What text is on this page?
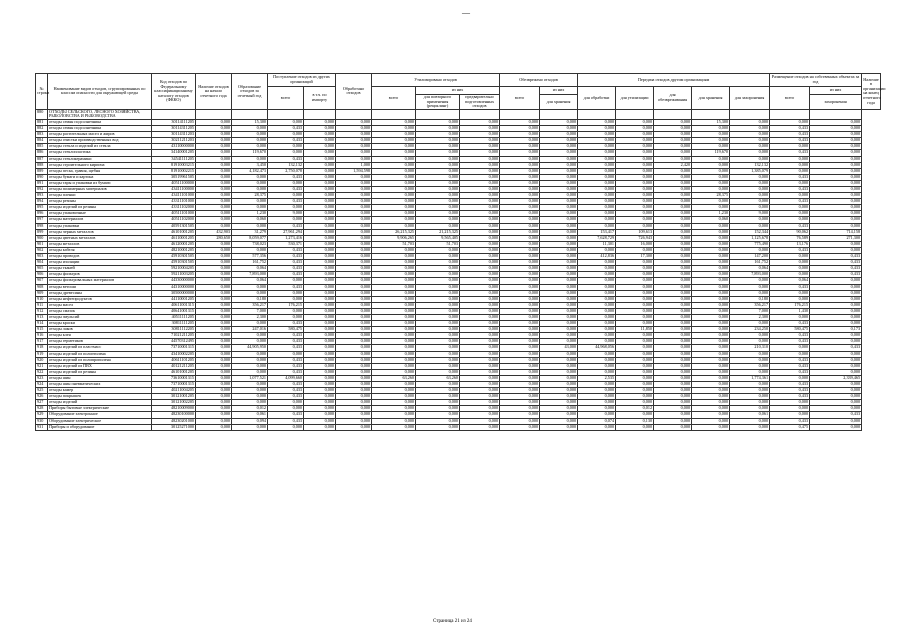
—
№ строки	Наименование видов отходов, сгруппированных по классам опасности для окружающей среды	Код отходов по Федеральному классификационному каталогу отходов (ФККО)	Наличие отходов на начало отчетного года	Образование отходов за отчетный год	Поступление отходов из других организаций		Обработано отходов	Утилизировано отходов			Обезврежено отходов		Передача отходов другим организациям					Размещение отходов на собственных объектах за год		Наличие в организации на конец отчетного года
					всего	в т.ч. по импорту		всего	из них		всего	из них	для обработки	для утилизации	для обезвреживания	для хранения	для захоронения	всего	из них	
									для повторного применения (рециклинг)	предварительно подготовленных отходов		для хранения							захоронения	
880	ОТХОДЫ СЕЛЬСКОГО, ЛЕСНОГО ХОЗЯЙСТВА, РЫБОЛОВСТВА И РЫБОВОДСТВА																			
881	отходы семян подсолнечника	30114111205	0,000	15,300	0,000	0,000	0,000	0,000	0,000	0,000	0,000	0,000	0,000	0,000	0,000	15,300	0,000	0,000	0,000	
882	отходы семян подсолнечника	30114311205	0,000	0,000	0,433	0,000	0,000	0,000	0,000	0,000	0,000	0,000	0,000	0,000	0,000	0,000	0,000	0,433	0,000	
883	отходы растительных масел и жиров	30114311203	0,000	0,000	0,000	0,000	0,000	0,000	0,000	0,000	0,000	0,000	0,000	0,000	0,000	0,000	0,000	0,433	0,000	
884	отходы очистки производственных вод	30211211203	0,000	0,000	0,433	0,000	0,000	0,000	0,000	0,000	0,000	0,000	0,000	0,000	0,000	0,000	0,000	0,433	0,000	
885	отходы стекла и изделий из стекла	43110000000	0,000	0,000	0,000	0,000	0,000	0,000	0,000	0,000	0,000	0,000	0,000	0,000	0,000	0,000	0,000	0,000	0,000	
886	отходы стеклопластика	34140001205	0,000	119,670	0,000	0,000	0,000	0,000	0,000	0,000	0,000	0,000	0,000	0,000	0,000	119,670	0,000	0,433	0,000	
887	отходы стеклокерамики	34541111205	0,000	0,000	0,433	0,000	0,000	0,000	0,000	0,000	0,000	0,000	0,000	0,000	0,000	0,000	0,000	0,000	0,000	
888	отходы строительного кирпича	81910003215	0,000	3,450	132,132	0,000	1,000	0,000	0,000	0,000	0,000	0,000	0,000	0,000	2,420	0,000	132,132	0,000	0,000	
889	отходы песка, гравия, щебня	81910002215	0,000	4,182,473	2,750,078	0,000	1,594,598	0,000	0,000	0,000	0,000	0,000	0,000	0,000	0,000	0,000	1,385,079	0,000	0,000	
890	отходы бумаги и картона	30519961505	0,000	0,000	0,433	0,000	0,000	0,000	0,000	0,000	0,000	0,000	0,000	0,000	0,000	0,000	0,000	0,433	0,000	
891	отходы тары и упаковки из бумаги	40511100000	0,000	0,000	0,000	0,000	0,000	0,000	0,000	0,000	0,000	0,000	0,000	0,000	0,000	0,000	0,000	0,000	0,000	
892	отходы полимерных материалов	43411100000	0,000	0,000	0,433	0,000	0,000	0,000	0,000	0,000	0,000	0,000	0,000	0,000	0,000	0,000	0,000	0,433	0,000	
893	отходы пленки	43411101000	0,000	28,375	0,000	0,000	0,000	0,000	0,000	0,000	0,000	0,000	0,000	0,000	0,000	28,375	0,000	0,000	0,000	
894	отходы резины	43311101000	0,000	0,000	0,433	0,000	0,000	0,000	0,000	0,000	0,000	0,000	0,000	0,000	0,000	0,000	0,000	0,433	0,000	
895	отходы изделий из резины	43311102000	0,000	0,000	0,000	0,000	0,000	0,000	0,000	0,000	0,000	0,000	0,000	0,000	0,000	0,000	0,000	0,000	0,000	
896	отходы упаковочные	40511101000	0,000	1,230	9,000	0,000	0,000	0,000	0,000	0,000	0,000	0,000	0,000	0,000	0,000	1,230	9,000	0,000	0,000	
897	отходы материалов	40511102000	0,000	0,060	0,000	0,000	0,000	0,000	0,000	0,000	0,000	0,000	0,000	0,000	0,000	0,060	0,000	0,000	0,000	
898	отходы упаковки	40591301505	0,000	0,000	0,433	0,000	0,000	0,000	0,000	0,000	0,000	0,000	0,000	0,000	0,000	0,000	0,000	0,433	0,000	
899	отходы черных металлов	46101001205	432,903	31,279	27,961,294	0,000	0,000	26,215,325	21,215,325	0,000	0,000	0,000	153,417	109,613	0,000	0,000	152,344	90,062	714,158	
900	отходы цветных металлов	46110001205	280,650	8,059,077	1,273,416	0,000	0,000	9,906,265	9,565,405	0,000	0,000	0,000	7,628,729	726,943	0,000	0,000	1,125,678	76,589	271,300	
901	отходы металлов	46120001205	0,000	738,023	530,371	0,000	0,000	51,703	51,703	0,000	0,000	0,000	11,301	16,000	0,000	0,000	775,490	13,176	0,000	
902	отходы кабеля	48210001205	0,000	0,000	0,433	0,000	0,000	0,000	0,000	0,000	0,000	0,000	0,000	0,000	0,000	0,000	0,000	0,433	0,000	
903	отходы проводов	45910301505	0,000	577,356	0,433	0,000	0,000	0,000	0,000	0,000	0,000	0,000	412,836	17,300	0,000	0,000	147,200	0,000	0,433	
904	отходы изоляции	45910301505	0,000	161,752	0,433	0,000	0,000	0,000	0,000	0,000	0,000	0,000	0,000	0,000	0,000	0,000	161,752	0,000	0,433	
905	отходы тканей	59210004205	0,000	0,064	0,433	0,000	0,000	0,000	0,000	0,000	0,000	0,000	0,000	0,000	0,000	0,000	0,064	0,000	0,433	
906	отходы фильтров	59211003205	0,000	7,893,000	0,433	0,000	0,000	0,000	0,000	0,000	0,000	0,000	0,000	0,000	0,000	0,000	7,893,000	0,000	0,433	
907	отходы фильтровальных материалов	44330000000	0,000	0,064	0,000	0,000	0,000	0,000	0,000	0,000	0,000	0,000	0,000	0,000	0,000	0,000	0,000	0,064	0,000	
908	отходы ветоши	44310000000	0,000	0,000	0,433	0,000	0,000	0,000	0,000	0,000	0,000	0,000	0,000	0,000	0,000	0,000	0,000	0,433	0,000	
909	отходы древесины	30500000000	0,000	0,000	0,000	0,000	0,000	0,000	0,000	0,000	0,000	0,000	0,000	0,000	0,000	0,000	0,000	0,000	0,000	
910	отходы нефтепродуктов	44110001205	0,000	0,180	0,000	0,000	0,000	0,000	0,000	0,000	0,000	0,000	0,000	0,000	0,000	0,000	0,180	0,000	0,000	
911	отходы масел	40611001315	0,000	356,217	176,215	0,000	0,000	0,000	0,000	0,000	0,000	0,000	0,000	0,000	0,000	0,000	356,217	176,215	0,000	
912	отходы смазок	40641001315	0,000	7,000	0,000	0,000	0,000	0,000	0,000	0,000	0,000	0,000	0,000	0,000	0,000	0,000	7,000	1,430	0,000	
913	отходы эмульсий	40511111205	0,000	2,300	0,000	0,000	0,000	0,000	0,000	0,000	0,000	0,000	0,000	0,000	0,000	0,000	2,300	0,000	0,000	
914	отходы краски	30811111205	0,000	0,000	0,433	0,000	0,000	0,000	0,000	0,000	0,000	0,000	0,000	0,000	0,000	0,000	0,000	0,433	0,000	
915	отходы лаков	30811112205	0,000	247,016	580,475	0,000	0,000	0,000	0,000	0,000	0,000	0,000	0,000	11,850	0,000	0,000	234,250	580,475	0,173	
916	отходы клея	71021211205	0,000	0,000	0,433	0,000	0,000	0,000	0,000	0,000	0,000	0,000	0,000	0,000	0,000	0,000	0,000	0,433	0,000	
917	отходы герметиков	44570312495	0,000	0,000	0,433	0,000	0,000	0,000	0,000	0,000	0,000	0,000	0,000	0,000	0,000	0,000	0,000	0,433	0,000	
918	отходы изделий из пластмасс	73710001315	0,000	44,905,950	0,433	0,000	0,000	0,000	0,000	0,000	0,000	43,000	44,968,056	0,000	0,000	0,000	210,310	0,000	0,433	
919	отходы изделий из полиэтилена	43410002205	0,000	0,000	0,000	0,000	0,000	0,000	0,000	0,000	0,000	0,000	0,000	0,000	0,000	0,000	0,000	0,000	0,000	
920	отходы изделий из полипропилена	40611101205	0,000	0,000	0,433	0,000	0,000	0,000	0,000	0,000	0,000	0,000	0,000	0,000	0,000	0,000	0,000	0,433	0,000	
921	отходы изделий из ПВХ	40121211205	0,000	0,000	0,433	0,000	0,000	0,000	0,000	0,000	0,000	0,000	0,000	0,000	0,000	0,000	0,000	0,433	0,000	
922	отходы изделий из резины	46101001205	0,000	0,000	0,433	0,000	0,000	0,000	0,000	0,000	0,000	0,000	0,000	0,000	0,000	0,000	0,000	0,433	0,000	
923	отходы шин	73610001315	0,000	1,077,521	4,099,660	0,000	0,000	63,260	63,260	0,000	0,000	0,000	2,535	0,000	0,000	0,000	1,774,361	0,000	2,339,465	
924	отходы шин пневматических	73710001315	0,000	0,000	0,433	0,000	0,000	0,000	0,000	0,000	0,000	0,000	0,000	0,000	0,000	0,000	0,000	0,433	0,000	
925	отходы камер	40211004205	0,000	0,000	0,433	0,000	0,000	0,000	0,000	0,000	0,000	0,000	0,000	0,000	0,000	0,000	0,000	0,433	0,000	
926	отходы покрышек	30121001205	0,000	0,000	0,433	0,000	0,000	0,000	0,000	0,000	0,000	0,000	0,000	0,000	0,000	0,000	0,000	0,433	0,000	
927	отходы изделий	30121002205	0,000	0,000	0,000	0,000	0,000	0,000	0,000	0,000	0,000	0,000	0,000	0,000	0,000	0,000	0,000	0,000	0,000	
928	Приборы бытовые электрические	48210009000	0,000	0,012	0,000	0,000	0,000	0,000	0,000	0,000	0,000	0,000	0,000	0,012	0,000	0,000	0,000	0,000	0,000	
929	Оборудование электронное	48230100000	0,000	0,061	0,433	0,000	0,000	0,000	0,000	0,000	0,000	0,000	0,000	0,000	0,000	0,000	0,061	0,000	0,433	
930	Оборудование электрическое	48230201000	0,000	0,094	0,433	0,000	0,000	0,000	0,000	0,000	0,000	0,000	0,074	0,130	0,000	0,000	0,000	0,433	0,000	
931	Приборы и оборудование	30125271000	0,000	0,000	0,000	0,000	0,000	0,000	0,000	0,000	0,000	0,000	0,000	0,000	0,000	0,000	0,000	0,475	0,000	
Страница 21 из 24
